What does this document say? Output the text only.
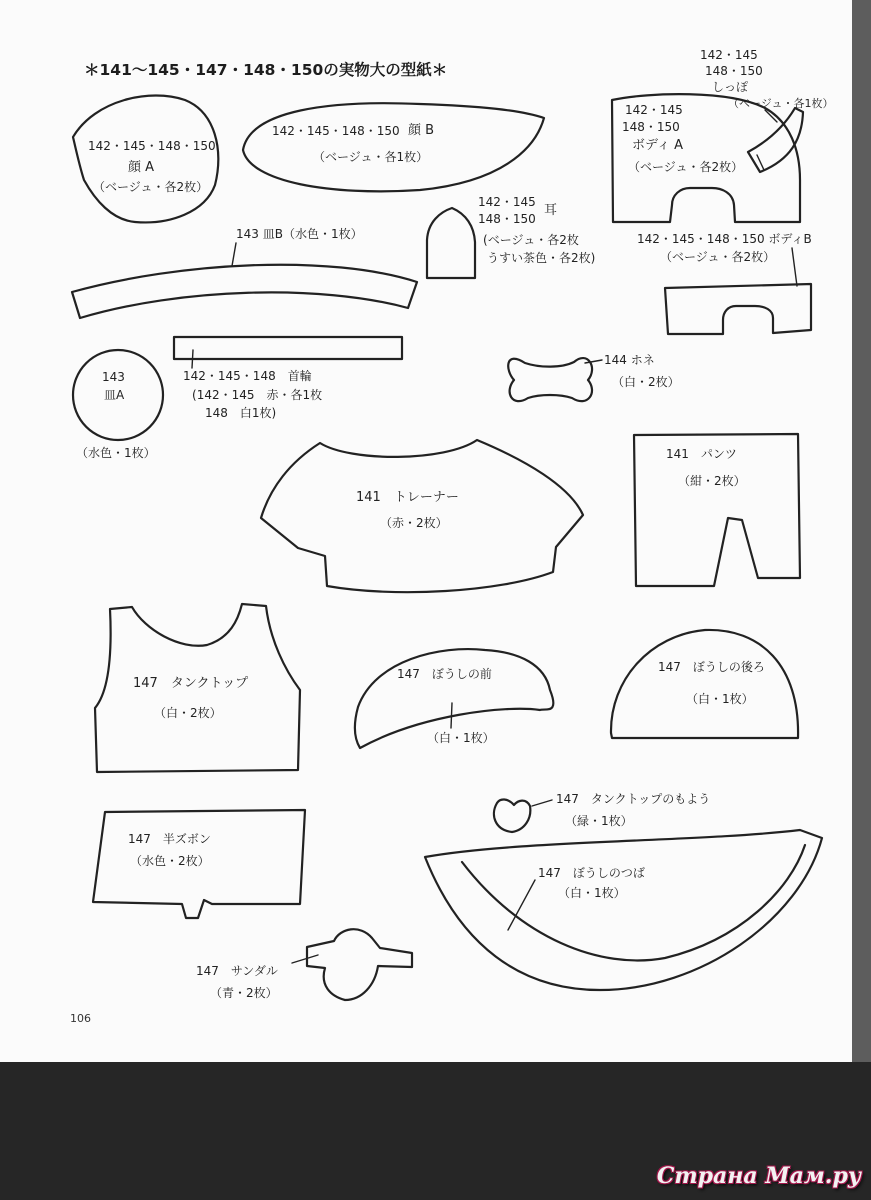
＊141～145・147・148・150の実物大の型紙＊
142・145・148・150
顔 A
（ベージュ・各2枚）
142・145・148・150 顔 B
（ベージュ・各1枚）
142・145
148・150
しっぽ
（ベージュ・各1枚）
142・145
148・150
ボディ A
（ベージュ・各2枚）
142・145
148・150
耳
(ベージュ・各2枚
うすい茶色・各2枚)
142・145・148・150 ボディB
（ベージュ・各2枚）
143 皿B（水色・1枚）
142・145・148　首輪
(142・145　赤・各1枚
148　白1枚)
143
皿A
（水色・1枚）
144 ホネ
（白・2枚）
141　トレーナー
（赤・2枚）
141　パンツ
（紺・2枚）
147　タンクトップ
（白・2枚）
147　ぼうしの前
（白・1枚）
147　ぼうしの後ろ
（白・1枚）
147　タンクトップのもよう
（緑・1枚）
147　半ズボン
（水色・2枚）
147　ぼうしのつば
（白・1枚）
147　サンダル
（青・2枚）
106
Страна Мам.ру
